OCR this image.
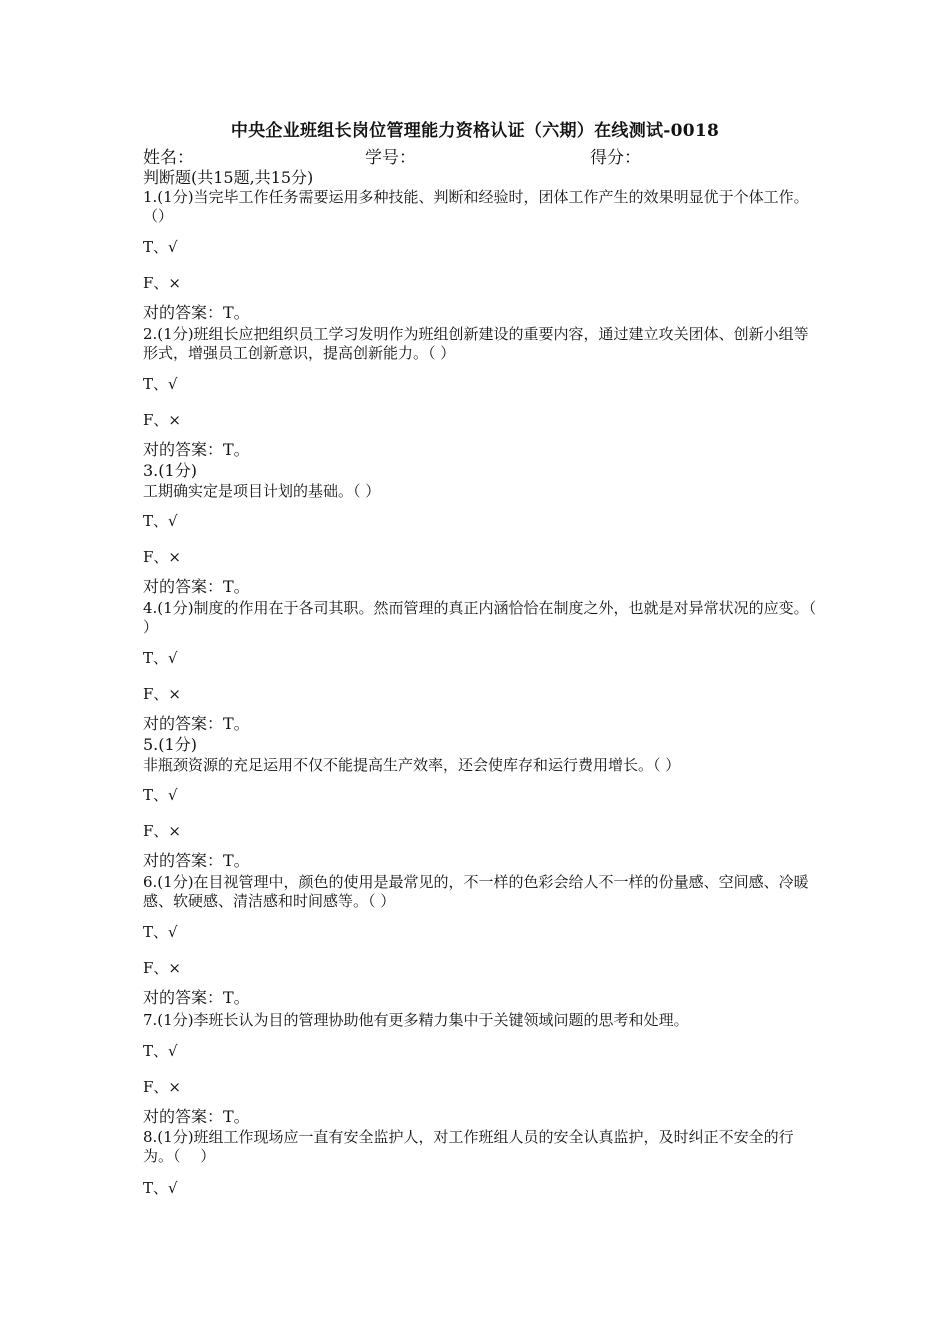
中央企业班组长岗位管理能力资格认证（六期）在线测试-0018
姓名：	学号：	得分：
判断题(共15题,共15分)

1.(1分)当完毕工作任务需要运用多种技能、判断和经验时，团体工作产生的效果明显优于个体工作。（）

T、√
F、×
对的答案：T。

2.(1分)班组长应把组织员工学习发明作为班组创新建设的重要内容，通过建立攻关团体、创新小组等形式，增强员工创新意识，提高创新能力。（ ）

T、√
F、×
对的答案：T。

3.(1分)

工期确实定是项目计划的基础。（ ）

T、√
F、×
对的答案：T。

4.(1分)制度的作用在于各司其职。然而管理的真正内涵恰恰在制度之外，也就是对异常状况的应变。（ ）

T、√
F、×
对的答案：T。

5.(1分)

非瓶颈资源的充足运用不仅不能提高生产效率，还会使库存和运行费用增长。（ ）

T、√
F、×
对的答案：T。

6.(1分)在目视管理中，颜色的使用是最常见的，不一样的色彩会给人不一样的份量感、空间感、冷暖感、软硬感、清洁感和时间感等。（ ）

T、√
F、×
对的答案：T。

7.(1分)李班长认为目的管理协助他有更多精力集中于关键领域问题的思考和处理。

T、√
F、×
对的答案：T。

8.(1分)班组工作现场应一直有安全监护人，对工作班组人员的安全认真监护，及时纠正不安全的行为。（　 ）

T、√
